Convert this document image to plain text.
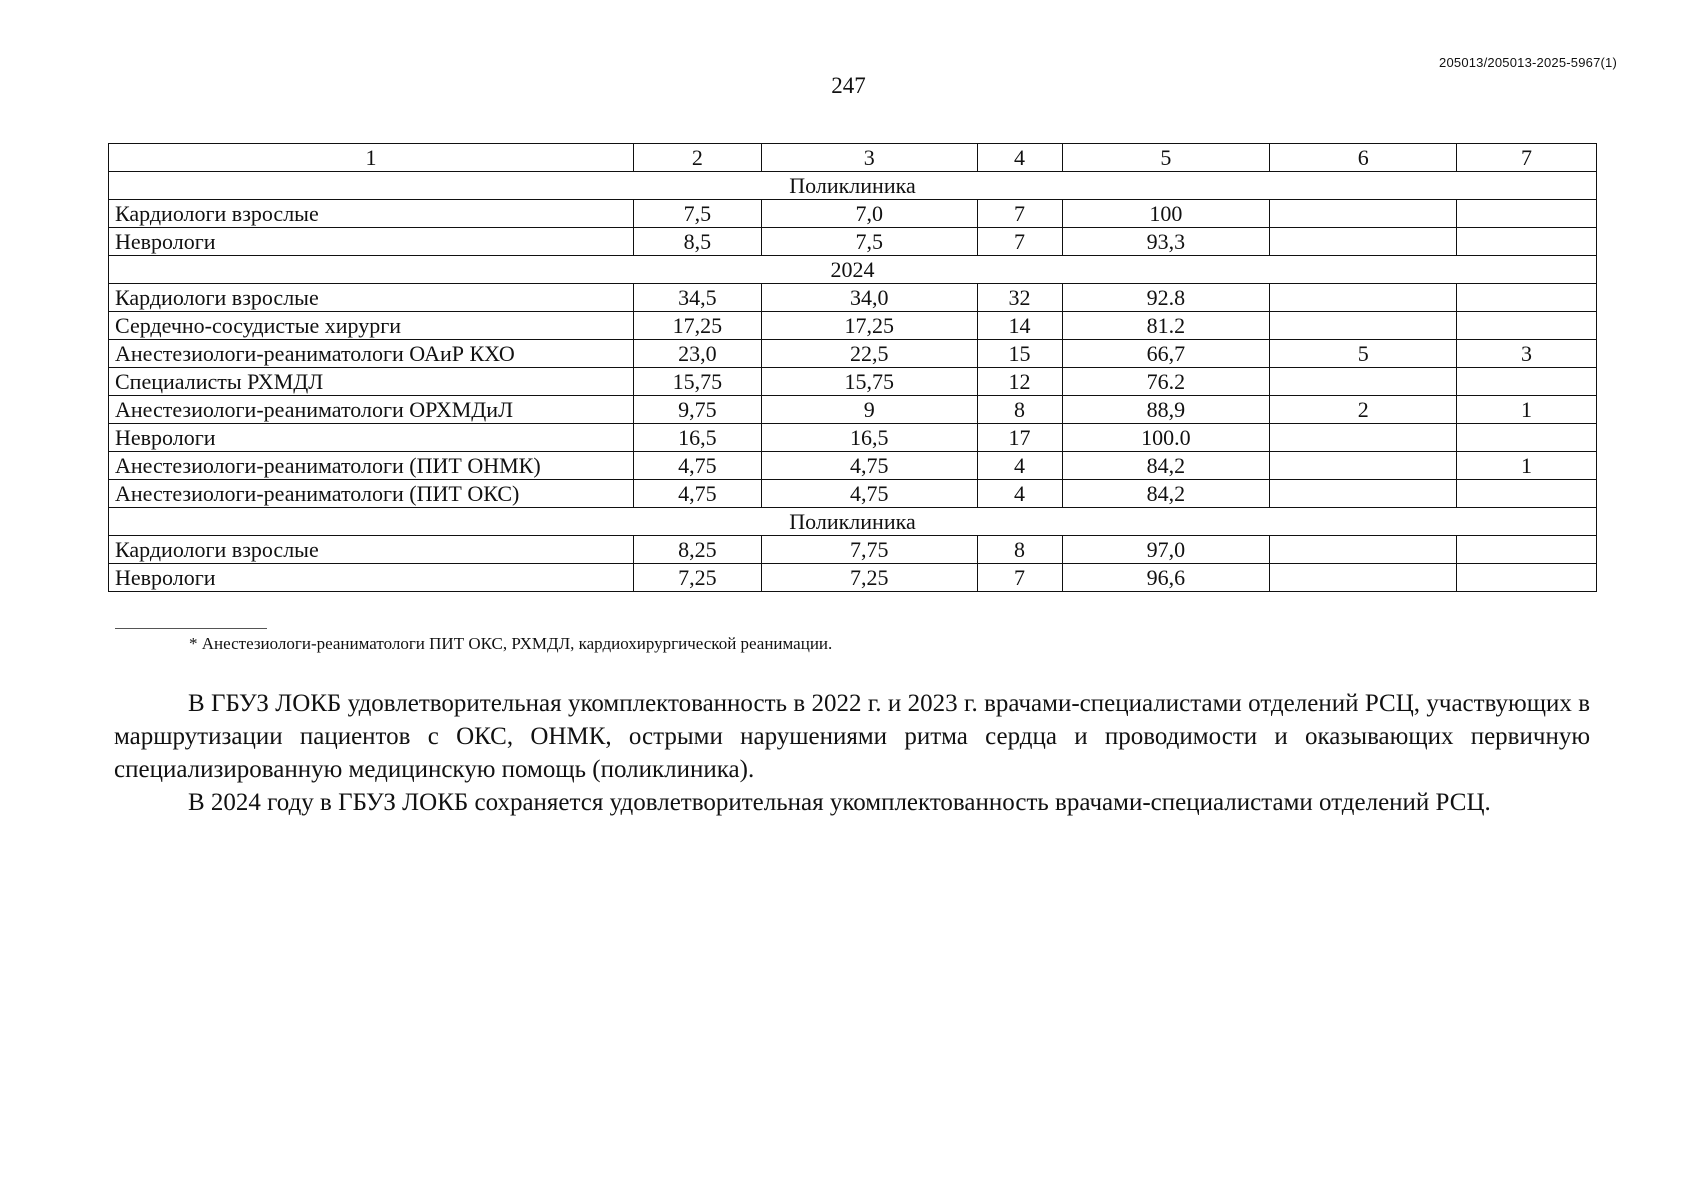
205013/205013-2025-5967(1)
247
1	2	3	4	5	6	7
Поликлиника						
Кардиологи взрослые	7,5	7,0	7	100		
Неврологи	8,5	7,5	7	93,3		
2024						
Кардиологи взрослые	34,5	34,0	32	92.8		
Сердечно-сосудистые хирурги	17,25	17,25	14	81.2		
Анестезиологи-реаниматологи ОАиР КХО	23,0	22,5	15	66,7	5	3
Специалисты РХМДЛ	15,75	15,75	12	76.2		
Анестезиологи-реаниматологи ОРХМДиЛ	9,75	9	8	88,9	2	1
Неврологи	16,5	16,5	17	100.0		
Анестезиологи-реаниматологи (ПИТ ОНМК)	4,75	4,75	4	84,2		1
Анестезиологи-реаниматологи (ПИТ ОКС)	4,75	4,75	4	84,2		
Поликлиника						
Кардиологи взрослые	8,25	7,75	8	97,0		
Неврологи	7,25	7,25	7	96,6		
* Анестезиологи-реаниматологи ПИТ ОКС, РХМДЛ, кардиохирургической реанимации.

В ГБУЗ ЛОКБ удовлетворительная укомплектованность в 2022 г. и 2023 г. врачами-специалистами отделений РСЦ, участвующих в маршрутизации пациентов с ОКС, ОНМК, острыми нарушениями ритма сердца и проводимости и оказывающих первичную специализированную медицинскую помощь (поликлиника).

В 2024 году в ГБУЗ ЛОКБ сохраняется удовлетворительная укомплектованность врачами-специалистами отделений РСЦ.
